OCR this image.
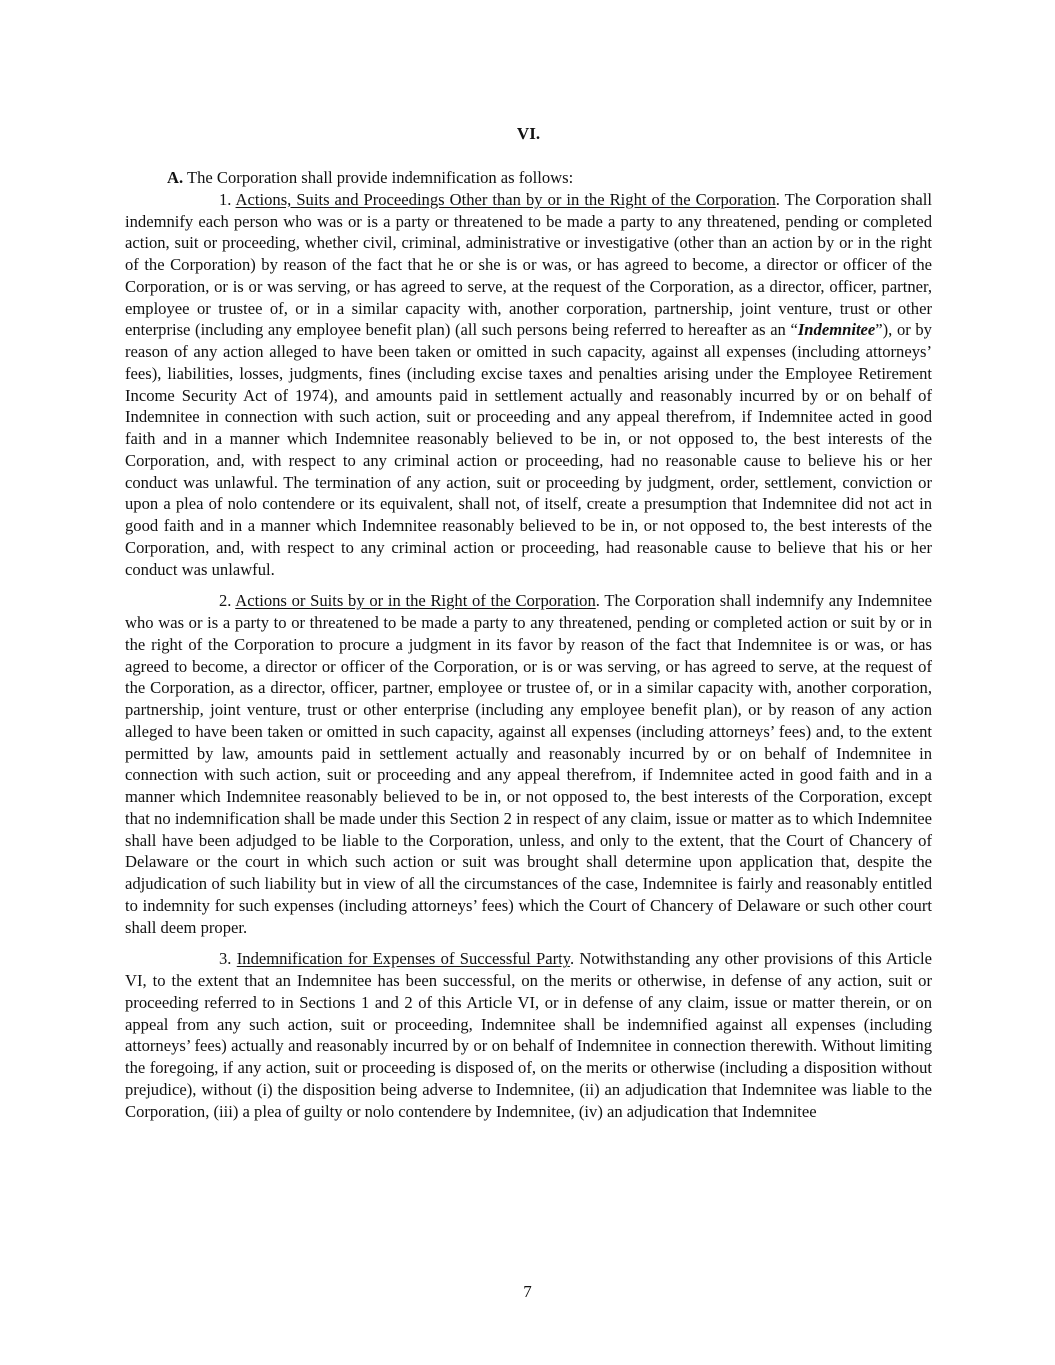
VI.

A. The Corporation shall provide indemnification as follows:

1. Actions, Suits and Proceedings Other than by or in the Right of the Corporation. The Corporation shall indemnify each person who was or is a party or threatened to be made a party to any threatened, pending or completed action, suit or proceeding, whether civil, criminal, administrative or investigative (other than an action by or in the right of the Corporation) by reason of the fact that he or she is or was, or has agreed to become, a director or officer of the Corporation, or is or was serving, or has agreed to serve, at the request of the Corporation, as a director, officer, partner, employee or trustee of, or in a similar capacity with, another corporation, partnership, joint venture, trust or other enterprise (including any employee benefit plan) (all such persons being referred to hereafter as an “Indemnitee”), or by reason of any action alleged to have been taken or omitted in such capacity, against all expenses (including attorneys’ fees), liabilities, losses, judgments, fines (including excise taxes and penalties arising under the Employee Retirement Income Security Act of 1974), and amounts paid in settlement actually and reasonably incurred by or on behalf of Indemnitee in connection with such action, suit or proceeding and any appeal therefrom, if Indemnitee acted in good faith and in a manner which Indemnitee reasonably believed to be in, or not opposed to, the best interests of the Corporation, and, with respect to any criminal action or proceeding, had no reasonable cause to believe his or her conduct was unlawful. The termination of any action, suit or proceeding by judgment, order, settlement, conviction or upon a plea of nolo contendere or its equivalent, shall not, of itself, create a presumption that Indemnitee did not act in good faith and in a manner which Indemnitee reasonably believed to be in, or not opposed to, the best interests of the Corporation, and, with respect to any criminal action or proceeding, had reasonable cause to believe that his or her conduct was unlawful.

2. Actions or Suits by or in the Right of the Corporation. The Corporation shall indemnify any Indemnitee who was or is a party to or threatened to be made a party to any threatened, pending or completed action or suit by or in the right of the Corporation to procure a judgment in its favor by reason of the fact that Indemnitee is or was, or has agreed to become, a director or officer of the Corporation, or is or was serving, or has agreed to serve, at the request of the Corporation, as a director, officer, partner, employee or trustee of, or in a similar capacity with, another corporation, partnership, joint venture, trust or other enterprise (including any employee benefit plan), or by reason of any action alleged to have been taken or omitted in such capacity, against all expenses (including attorneys’ fees) and, to the extent permitted by law, amounts paid in settlement actually and reasonably incurred by or on behalf of Indemnitee in connection with such action, suit or proceeding and any appeal therefrom, if Indemnitee acted in good faith and in a manner which Indemnitee reasonably believed to be in, or not opposed to, the best interests of the Corporation, except that no indemnification shall be made under this Section 2 in respect of any claim, issue or matter as to which Indemnitee shall have been adjudged to be liable to the Corporation, unless, and only to the extent, that the Court of Chancery of Delaware or the court in which such action or suit was brought shall determine upon application that, despite the adjudication of such liability but in view of all the circumstances of the case, Indemnitee is fairly and reasonably entitled to indemnity for such expenses (including attorneys’ fees) which the Court of Chancery of Delaware or such other court shall deem proper.

3. Indemnification for Expenses of Successful Party. Notwithstanding any other provisions of this Article VI, to the extent that an Indemnitee has been successful, on the merits or otherwise, in defense of any action, suit or proceeding referred to in Sections 1 and 2 of this Article VI, or in defense of any claim, issue or matter therein, or on appeal from any such action, suit or proceeding, Indemnitee shall be indemnified against all expenses (including attorneys’ fees) actually and reasonably incurred by or on behalf of Indemnitee in connection therewith. Without limiting the foregoing, if any action, suit or proceeding is disposed of, on the merits or otherwise (including a disposition without prejudice), without (i) the disposition being adverse to Indemnitee, (ii) an adjudication that Indemnitee was liable to the Corporation, (iii) a plea of guilty or nolo contendere by Indemnitee, (iv) an adjudication that Indemnitee

7
